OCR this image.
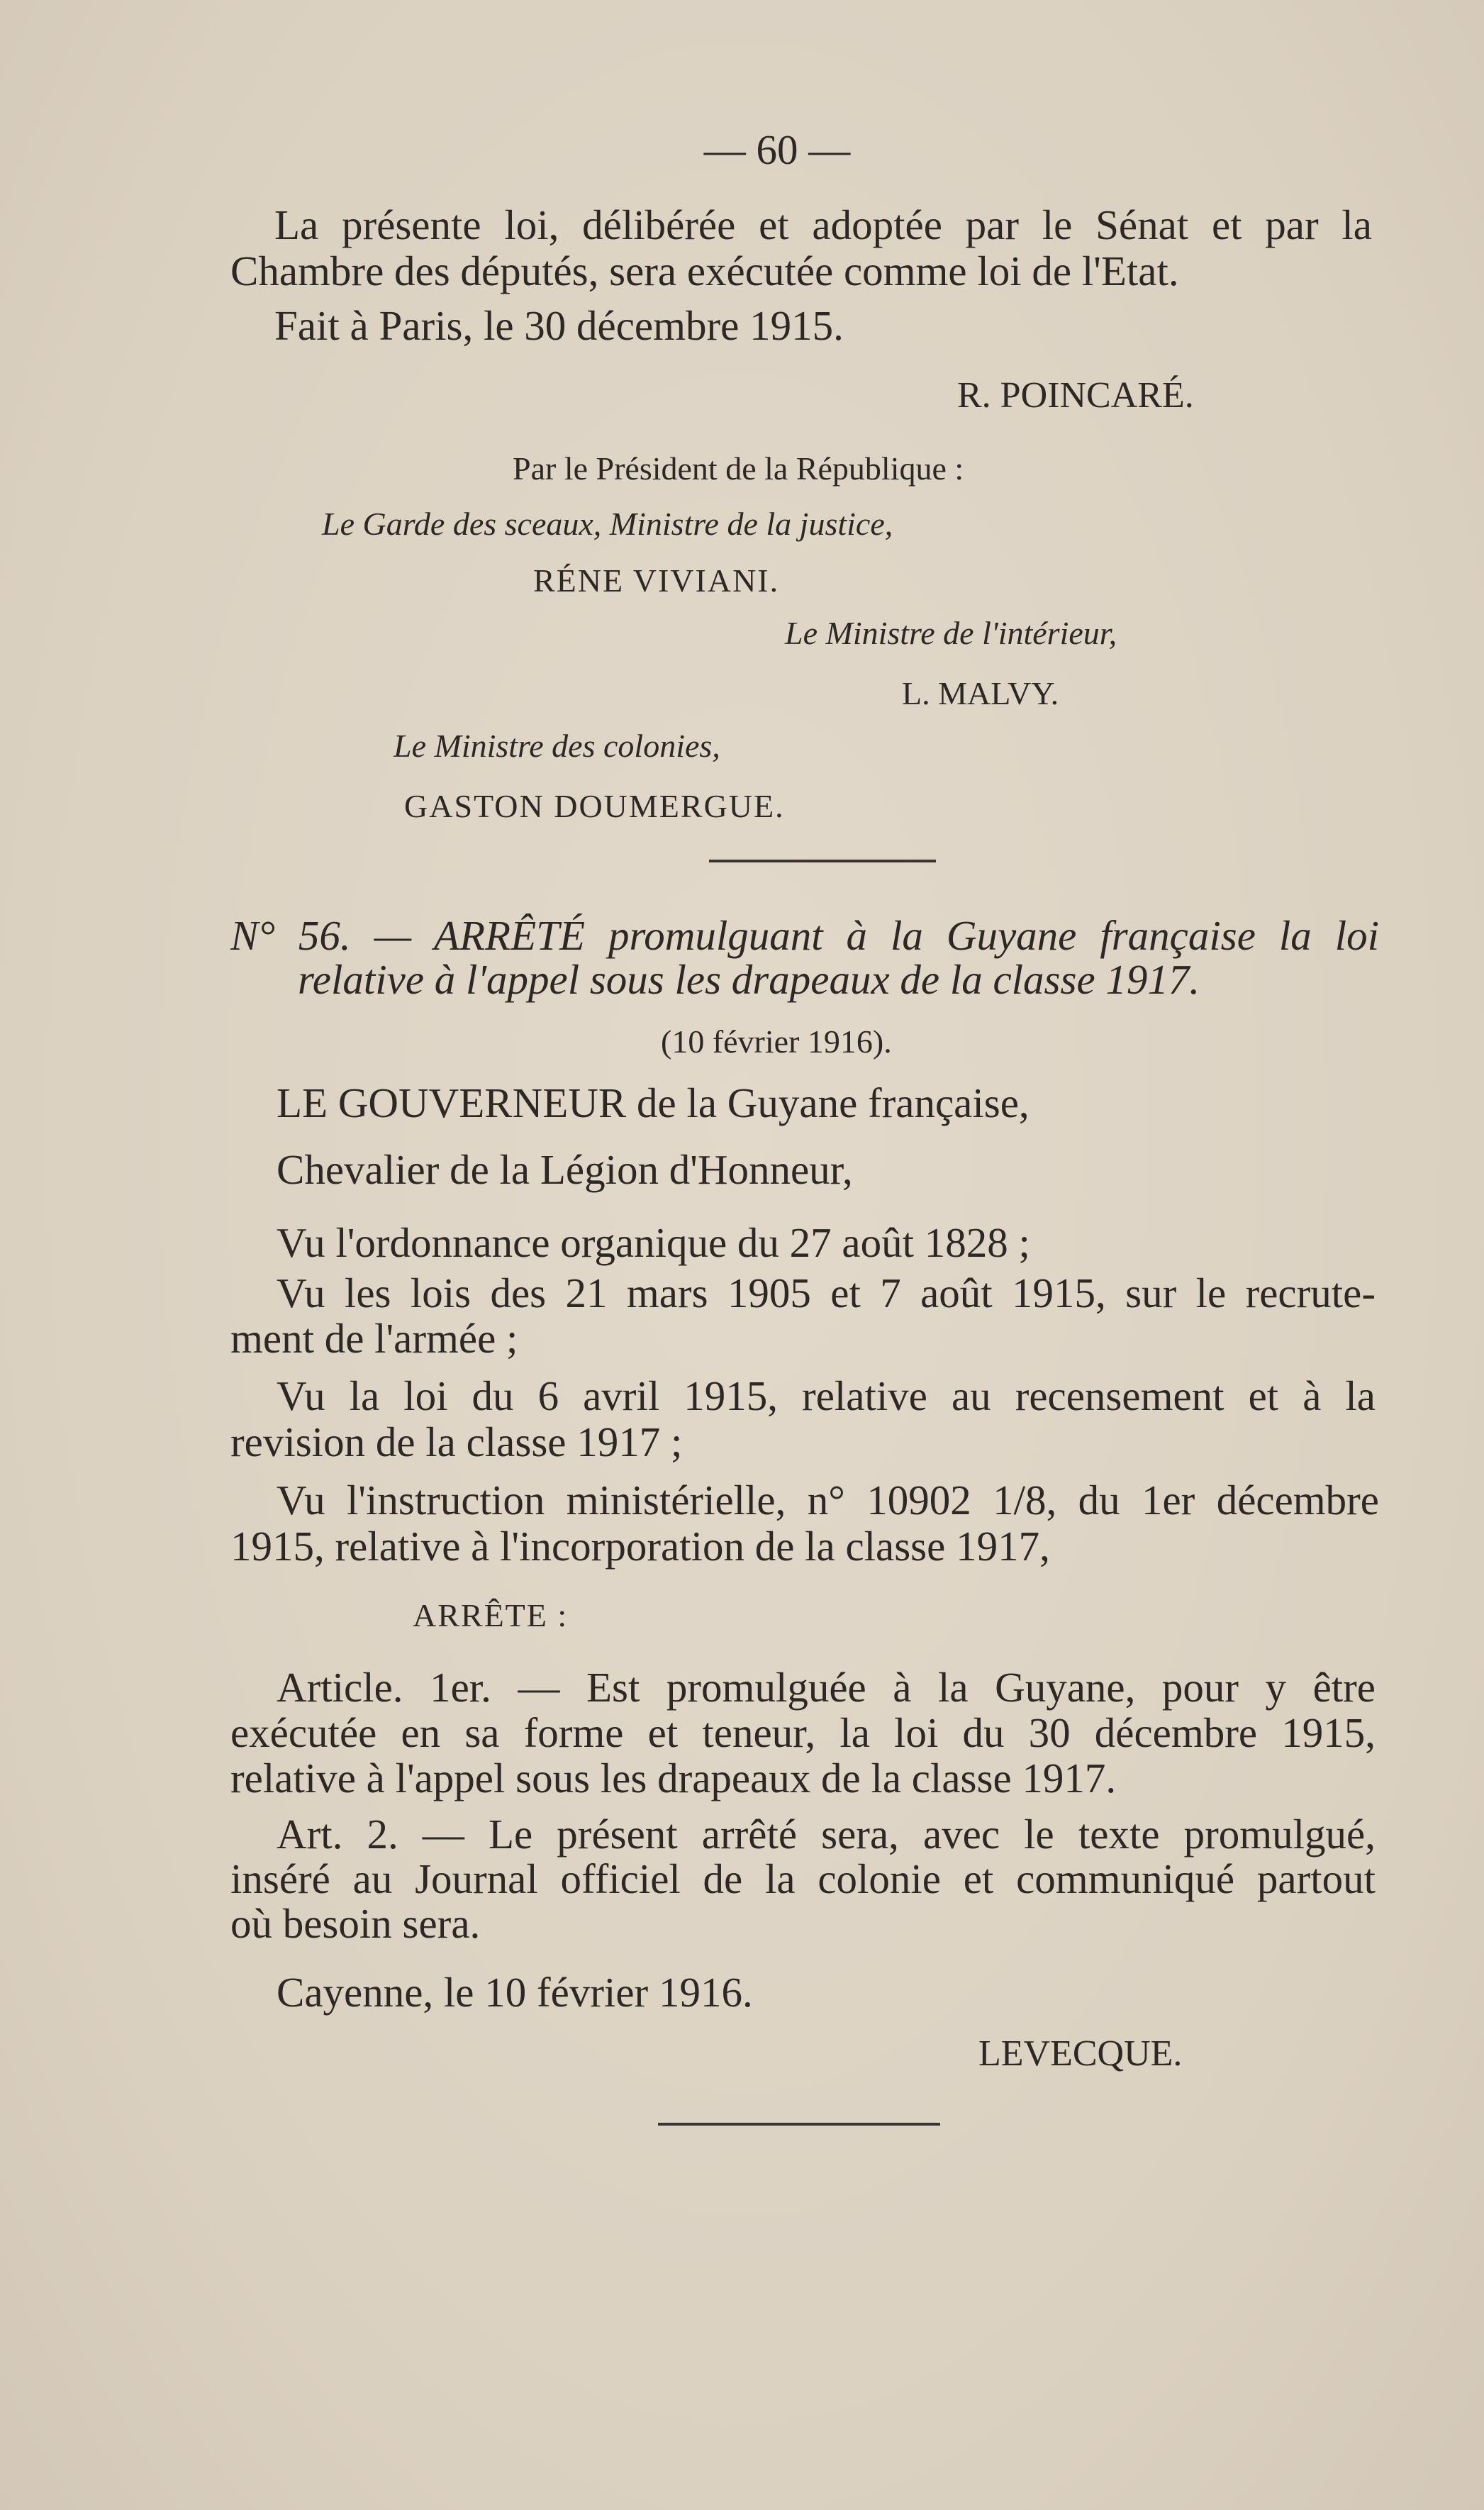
— 60 —
La présente loi, délibérée et adoptée par le Sénat et par la
Chambre des députés, sera exécutée comme loi de l'Etat.
Fait à Paris, le 30 décembre 1915.
R. POINCARÉ.
Par le Président de la République :
Le Garde des sceaux, Ministre de la justice,
RÉNE VIVIANI.
Le Ministre de l'intérieur,
L. MALVY.
Le Ministre des colonies,
GASTON DOUMERGUE.
N° 56. — ARRÊTÉ promulguant à la Guyane française la loi
relative à l'appel sous les drapeaux de la classe 1917.
(10 février 1916).
LE GOUVERNEUR de la Guyane française,
Chevalier de la Légion d'Honneur,
Vu l'ordonnance organique du 27 août 1828 ;
Vu les lois des 21 mars 1905 et 7 août 1915, sur le recrute-
ment de l'armée ;
Vu la loi du 6 avril 1915, relative au recensement et à la
revision de la classe 1917 ;
Vu l'instruction ministérielle, n° 10902 1/8, du 1er décembre
1915, relative à l'incorporation de la classe 1917,
ARRÊTE :
Article. 1er. — Est promulguée à la Guyane, pour y être
exécutée en sa forme et teneur, la loi du 30 décembre 1915,
relative à l'appel sous les drapeaux de la classe 1917.
Art. 2. — Le présent arrêté sera, avec le texte promulgué,
inséré au Journal officiel de la colonie et communiqué partout
où besoin sera.
Cayenne, le 10 février 1916.
LEVECQUE.
